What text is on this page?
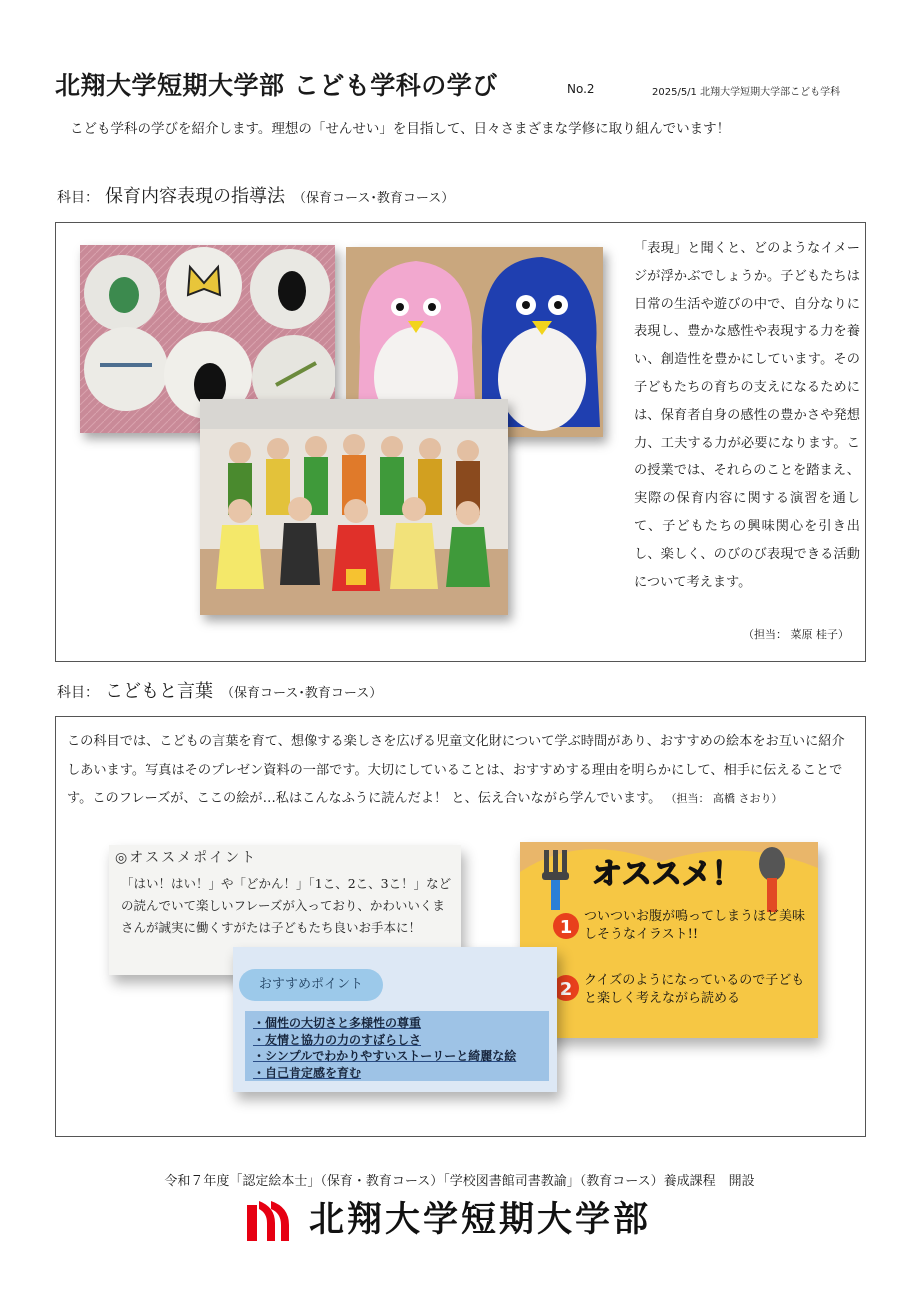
北翔大学短期大学部 こども学科の学び	No.2	2025/5/1 北翔大学短期大学部こども学科
こども学科の学びを紹介します。理想の「せんせい」を目指して、日々さまざまな学修に取り組んでいます！
科目： 保育内容表現の指導法 （保育コース･教育コース）
「表現」と聞くと、どのようなイメージが浮かぶでしょうか。子どもたちは日常の生活や遊びの中で、自分なりに表現し、豊かな感性や表現する力を養い、創造性を豊かにしています。その子どもたちの育ちの支えになるためには、保育者自身の感性の豊かさや発想力、工夫する力が必要になります。この授業では、それらのことを踏まえ、実際の保育内容に関する演習を通して、子どもたちの興味関心を引き出し、楽しく、のびのび表現できる活動について考えます。
（担当： 菜原 桂子）
科目： こどもと言葉 （保育コース･教育コース）
この科目では、こどもの言葉を育て、想像する楽しさを広げる児童文化財について学ぶ時間があり、おすすめの絵本をお互いに紹介しあいます。写真はそのプレゼン資料の一部です。大切にしていることは、おすすめする理由を明らかにして、相手に伝えることです。このフレーズが、ここの絵が…私はこんなふうに読んだよ！ と、伝え合いながら学んでいます。 （担当： 高橋 さおり）
◎オススメポイント
「はい！はい！」や「どかん！」「1こ、2こ、3こ！」などの読んでいて楽しいフレーズが入っており、かわいいくまさんが誠実に働くすがたは子どもたち良いお手本に！
オススメ！
1
ついついお腹が鳴ってしまうほど美味しそうなイラスト!!
2 クイズのようになっているので子どもと楽しく考えながら読める
おすすめポイント
・個性の大切さと多様性の尊重
・友情と協力の力のすばらしさ
・シンプルでわかりやすいストーリーと綺麗な絵
・自己肯定感を育む
令和７年度「認定絵本士」（保育・教育コース）「学校図書館司書教諭」（教育コース）養成課程　開設
北翔大学短期大学部
